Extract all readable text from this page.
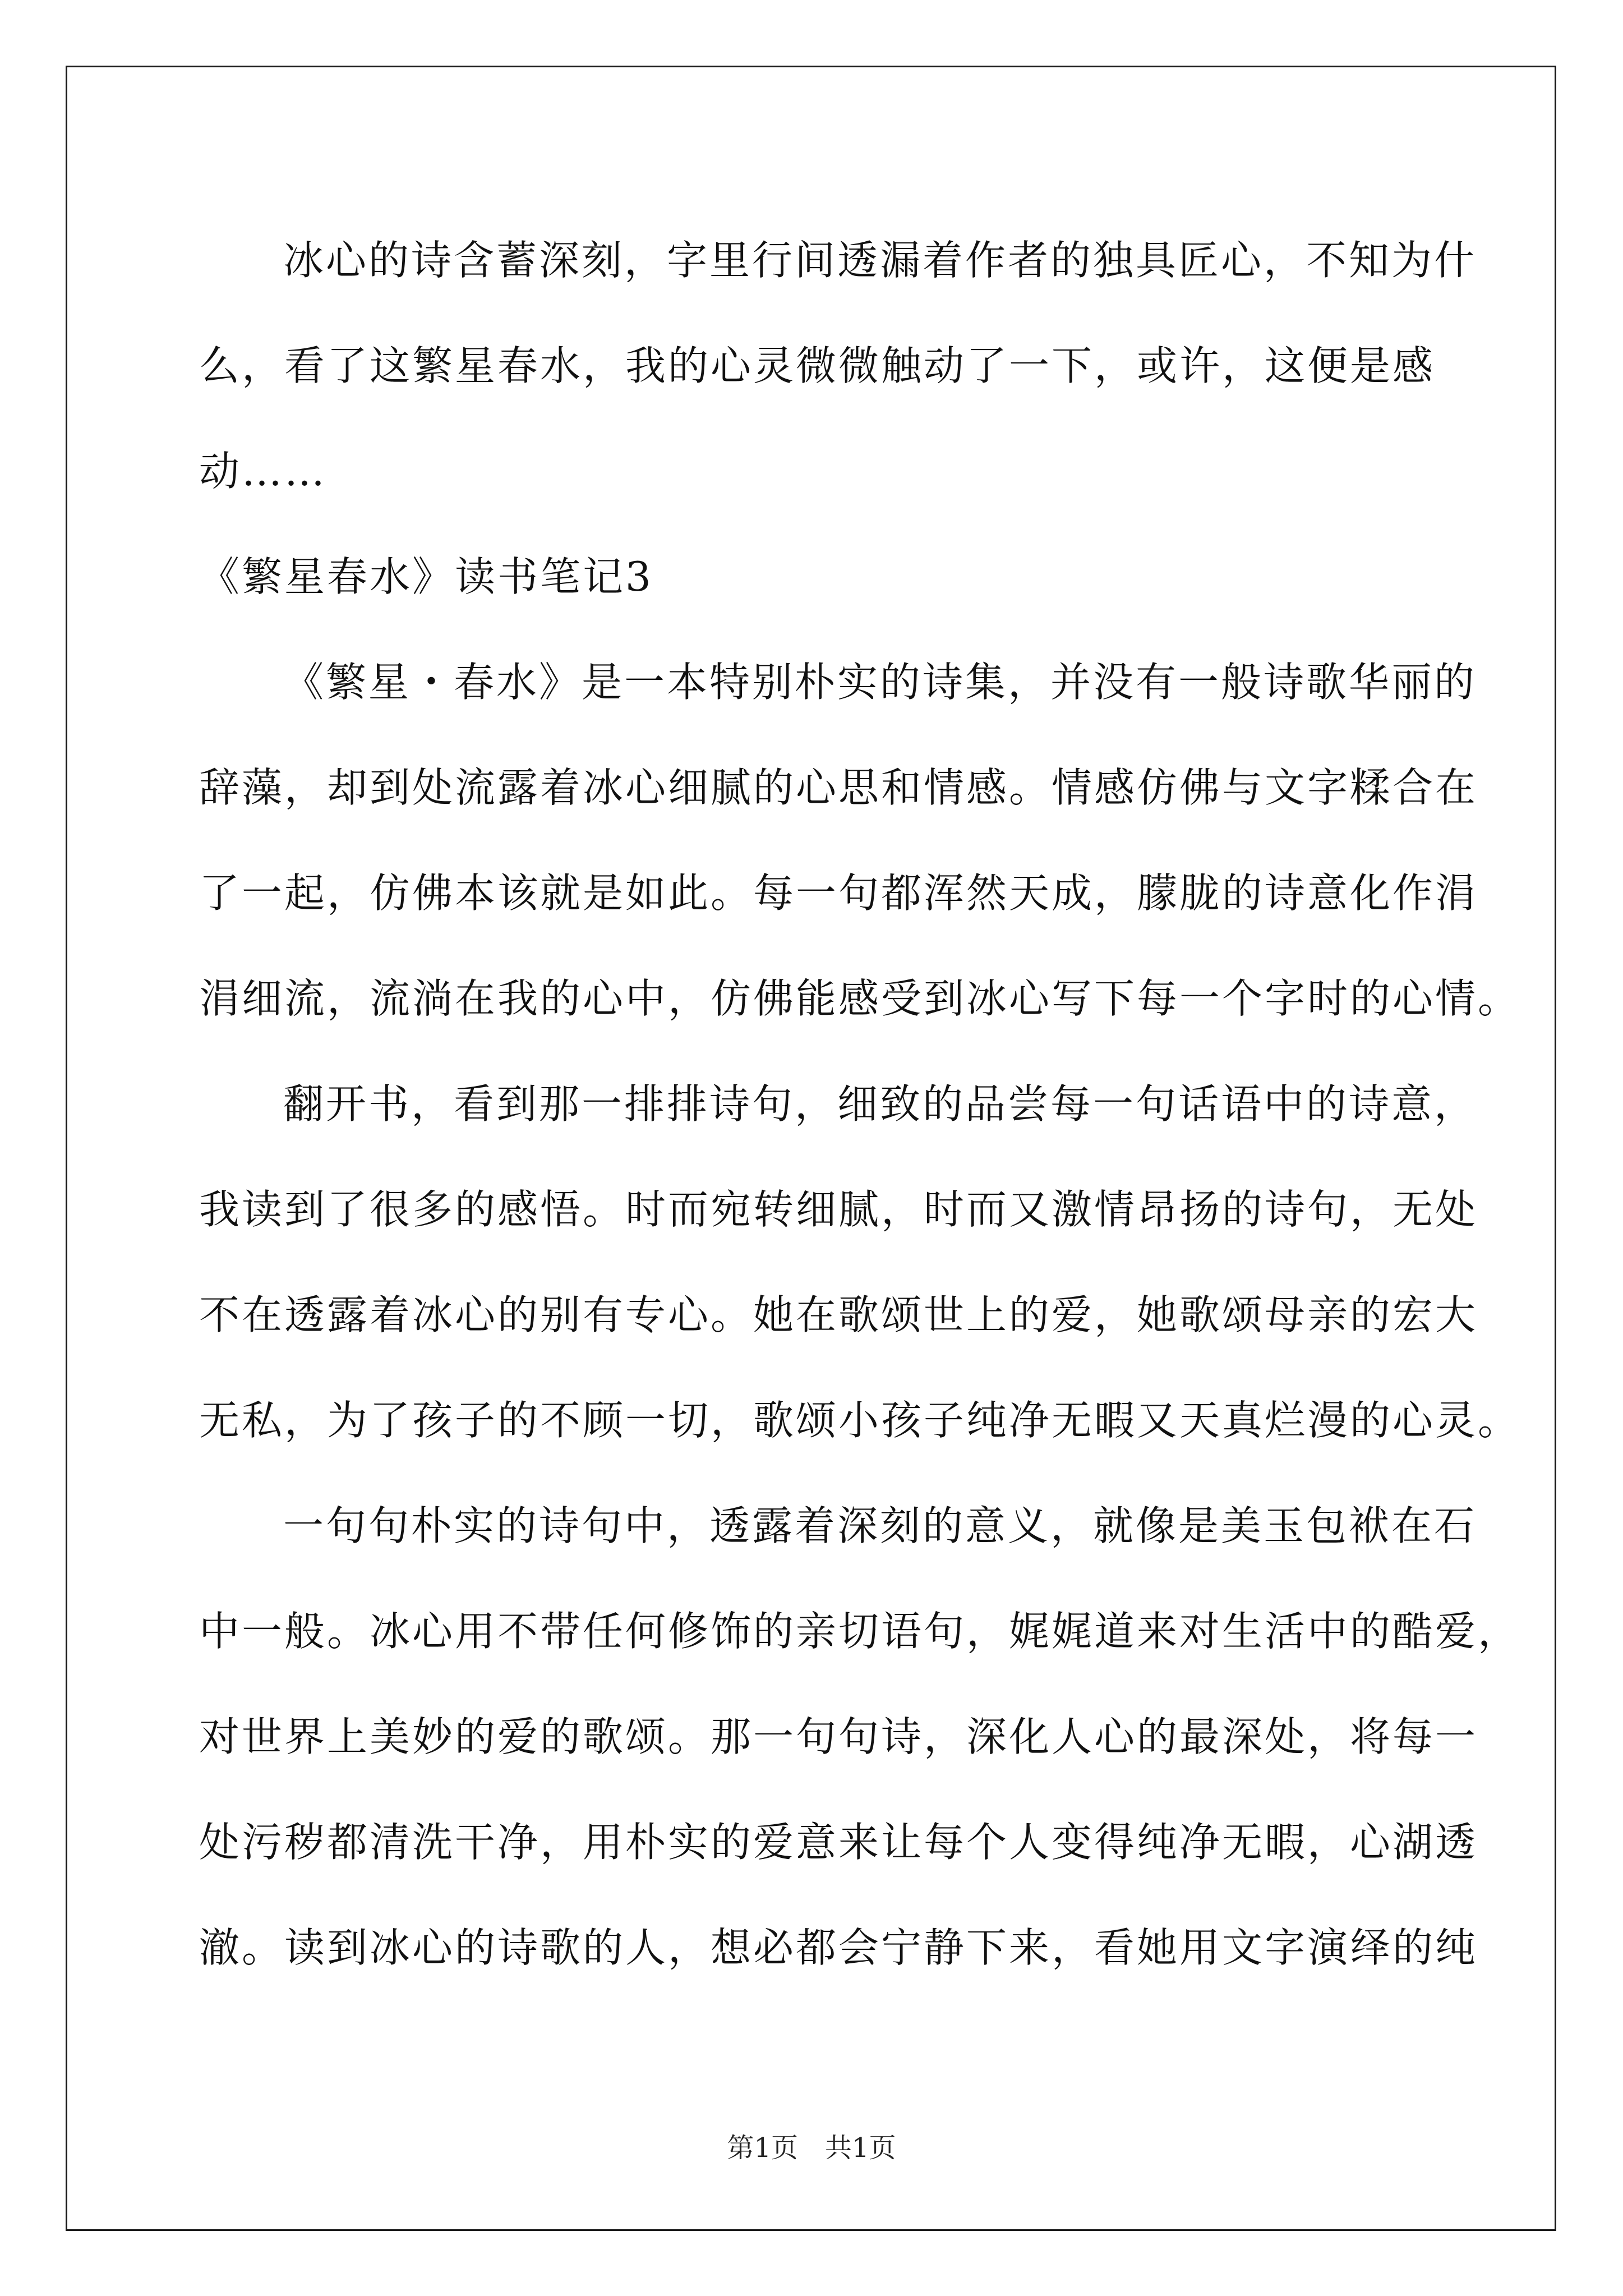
冰心的诗含蓄深刻，字里行间透漏着作者的独具匠心，不知为什
么，看了这繁星春水，我的心灵微微触动了一下，或许，这便是感
动……
《繁星春水》读书笔记3
《繁星・春水》是一本特别朴实的诗集，并没有一般诗歌华丽的
辞藻，却到处流露着冰心细腻的心思和情感。情感仿佛与文字糅合在
了一起，仿佛本该就是如此。每一句都浑然天成，朦胧的诗意化作涓
涓细流，流淌在我的心中，仿佛能感受到冰心写下每一个字时的心情。
翻开书，看到那一排排诗句，细致的品尝每一句话语中的诗意，
我读到了很多的感悟。时而宛转细腻，时而又激情昂扬的诗句，无处
不在透露着冰心的别有专心。她在歌颂世上的爱，她歌颂母亲的宏大
无私，为了孩子的不顾一切，歌颂小孩子纯净无暇又天真烂漫的心灵。
一句句朴实的诗句中，透露着深刻的意义，就像是美玉包袱在石
中一般。冰心用不带任何修饰的亲切语句，娓娓道来对生活中的酷爱，
对世界上美妙的爱的歌颂。那一句句诗，深化人心的最深处，将每一
处污秽都清洗干净，用朴实的爱意来让每个人变得纯净无暇，心湖透
澈。读到冰心的诗歌的人，想必都会宁静下来，看她用文字演绎的纯
第1页　共1页
